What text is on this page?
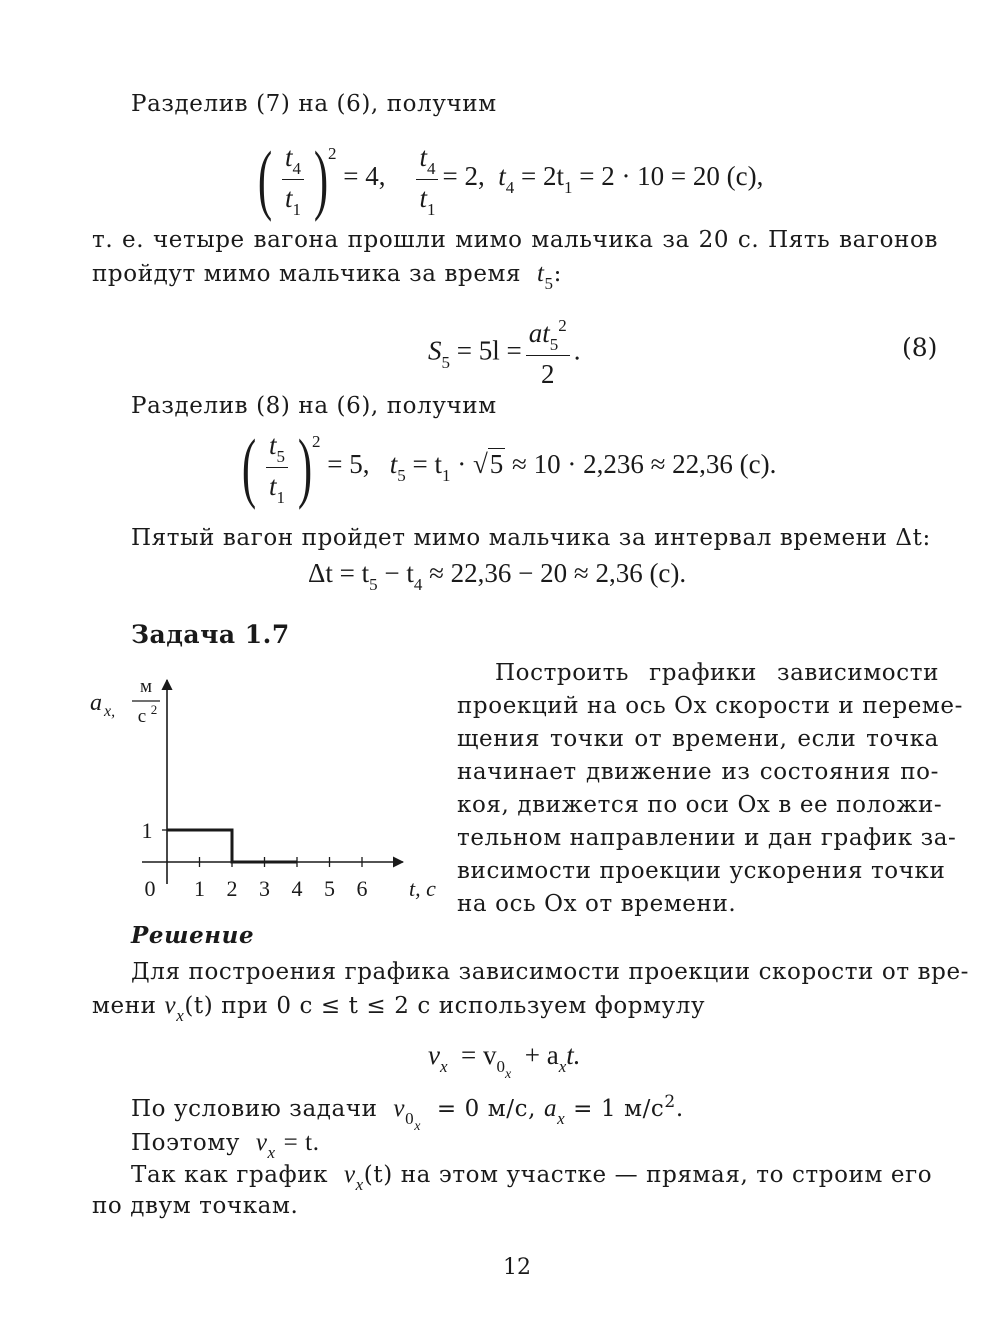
Разделив (7) на (6), получим
( $\frac{t_4}{t_1} )^2 = 4$, $\frac{t_4}{t_1} = 2$, $t_4 = 2t_1 = 2 \cdot 10 = 20$ (с),
т. е. четыре вагона прошли мимо мальчика за 20 с. Пять вагонов
пройдут мимо мальчика за время $t_5$:
$S_5 = 5l = \frac{at_5^2}{2}$ .	(8)
Разделив (8) на (6), получим
( $\frac{t_5}{t_1} )^2 = 5$, $t_5 = t_1 \cdot √5 \approx 10 \cdot 2,236 \approx 22,36$ (с).
Пятый вагон пройдет мимо мальчика за интервал времени Δt:
$\Delta t = t_5 - t_4 \approx 22,36 - 20 \approx 2,36$ (с).
Задача 1.7
Построить графики зависимости
проекций на ось Ox скорости и переме-
щения точки от времени, если точка
начинает движение из состояния по-
коя, движется по оси Ox в ее положи-
тельном направлении и дан график за-
висимости проекции ускорения точки
на ось Ox от времени.
1 2 3 4 5 6
1
0	t, с
a x,
м
с 2
Решение
Для построения графика зависимости проекции скорости от вре-
мени $v_x(t)$ при 0 с ≤ t ≤ 2 с используем формулу
$v_x = v_{0x} + a_xt$.
По условию задачи $v_{0x} = 0$ м/с, $a_x = 1$ $м/с^2$.
Поэтому $v_x = t$.
Так как график $v_x(t)$ на этом участке — прямая, то строим его
по двум точкам.
12
